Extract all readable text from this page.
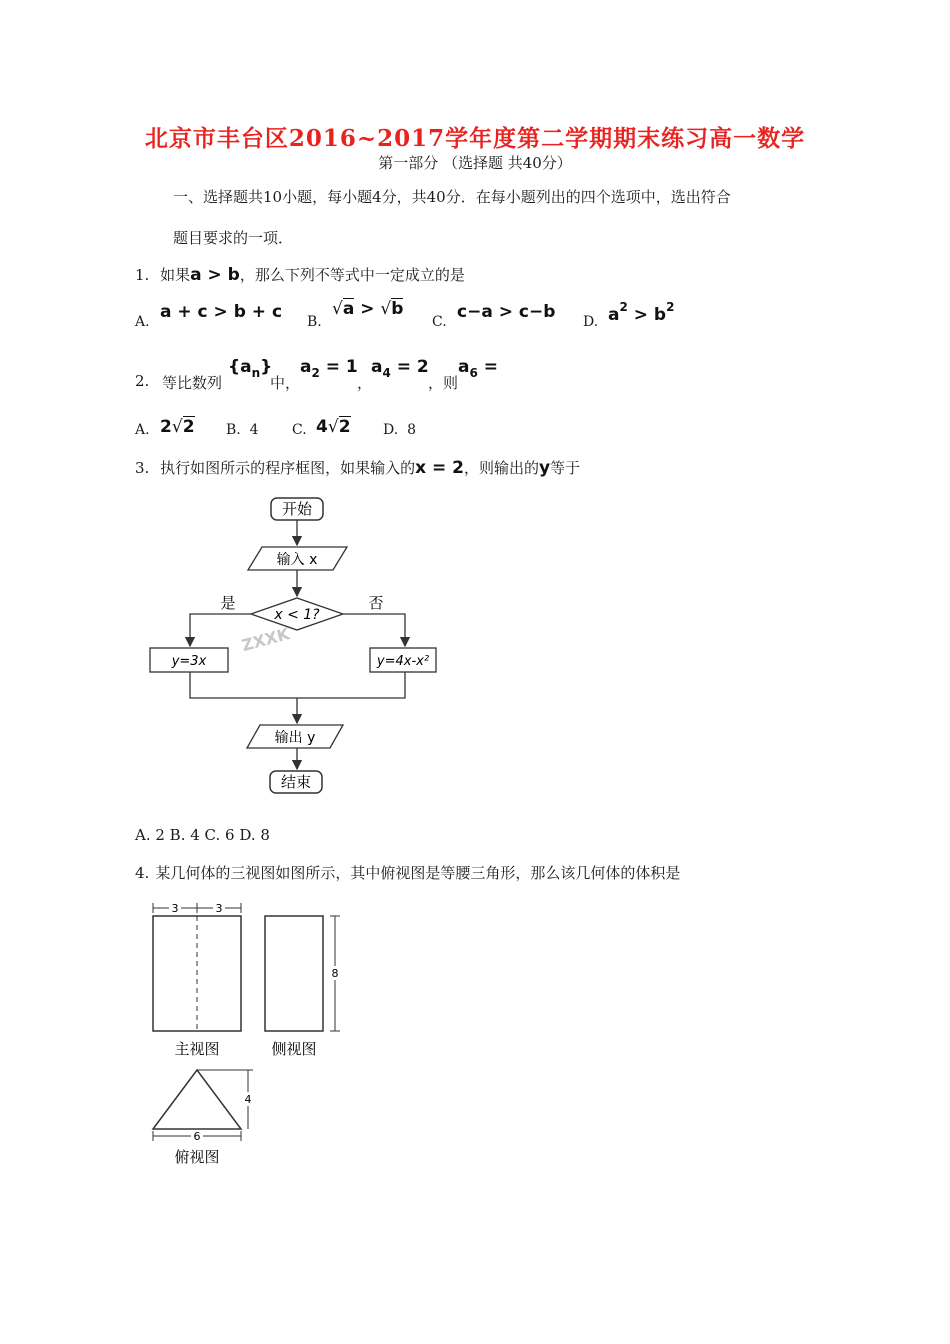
北京市丰台区2016~2017学年度第二学期期末练习高一数学
第一部分 （选择题 共40分）
一、选择题共10小题，每小题4分，共40分．在每小题列出的四个选项中，选出符合
题目要求的一项．
1. 如果a > b，那么下列不等式中一定成立的是
A. a + c > b + c B.
√a > √b
C. c−a > c−b D. $a^2 > b^2$
2. 等比数列
$\{a_n\}$
中，
$a_2 = 1$
，
$a_4 = 2$
，则
$a_6$ =
A. 2√2 B. 4 C. 4√2 D. 8
3. 执行如图所示的程序框图，如果输入的x = 2，则输出的y等于
开始
输入 x
x < 1?
ZXXK
是	否
y=3x	y=4x-x²
输出 y
结束
A. 2 B. 4 C. 6 D. 8
4. 某几何体的三视图如图所示，其中俯视图是等腰三角形，那么该几何体的体积是
3	3
主视图
8
侧视图
4
6
俯视图
